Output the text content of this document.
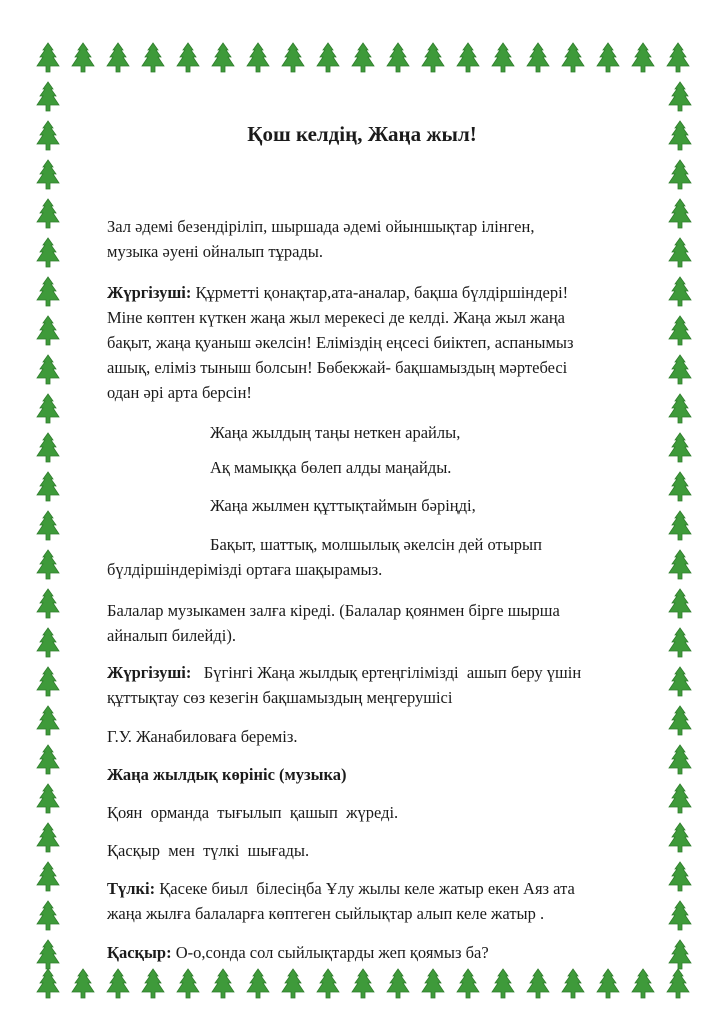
Қош келдің, Жаңа жыл!

Зал әдемі безендіріліп, шыршада әдемі ойыншықтар ілінген,
музыка әуені ойналып тұрады.

Жүргізуші: Құрметті қонақтар,ата-аналар, бақша бүлдіршіндері!
Міне көптен күткен жаңа жыл мерекесі де келді. Жаңа жыл жаңа
бақыт, жаңа қуаныш әкелсін! Еліміздің еңсесі биіктеп, аспанымыз
ашық, еліміз тыныш болсын! Бөбекжай- бақшамыздың мәртебесі
одан әрі арта берсін!

Жаңа жылдың таңы неткен арайлы,

Ақ мамыққа бөлеп алды маңайды.

Жаңа жылмен құттықтаймын бәріңді,

Бақыт, шаттық, молшылық әкелсін дей отырып

бүлдіршіндерімізді ортаға шақырамыз.

Балалар музыкамен залға кіреді. (Балалар қоянмен бірге шырша
айналып билейді).

Жүргізуші:   Бүгінгі Жаңа жылдық ертеңгілімізді  ашып беру үшін
құттықтау сөз кезегін бақшамыздың меңгерушісі

Г.У. Жанабиловаға береміз.

Жаңа жылдық көрініс (музыка)

Қоян  орманда  тығылып  қашып  жүреді.

Қасқыр  мен  түлкі  шығады.

Түлкі: Қасеке биыл  білесіңба Ұлу жылы келе жатыр екен Аяз ата
жаңа жылға балаларға көптеген сыйлықтар алып келе жатыр .

Қасқыр: О-о,сонда сол сыйлықтарды жеп қоямыз ба?
